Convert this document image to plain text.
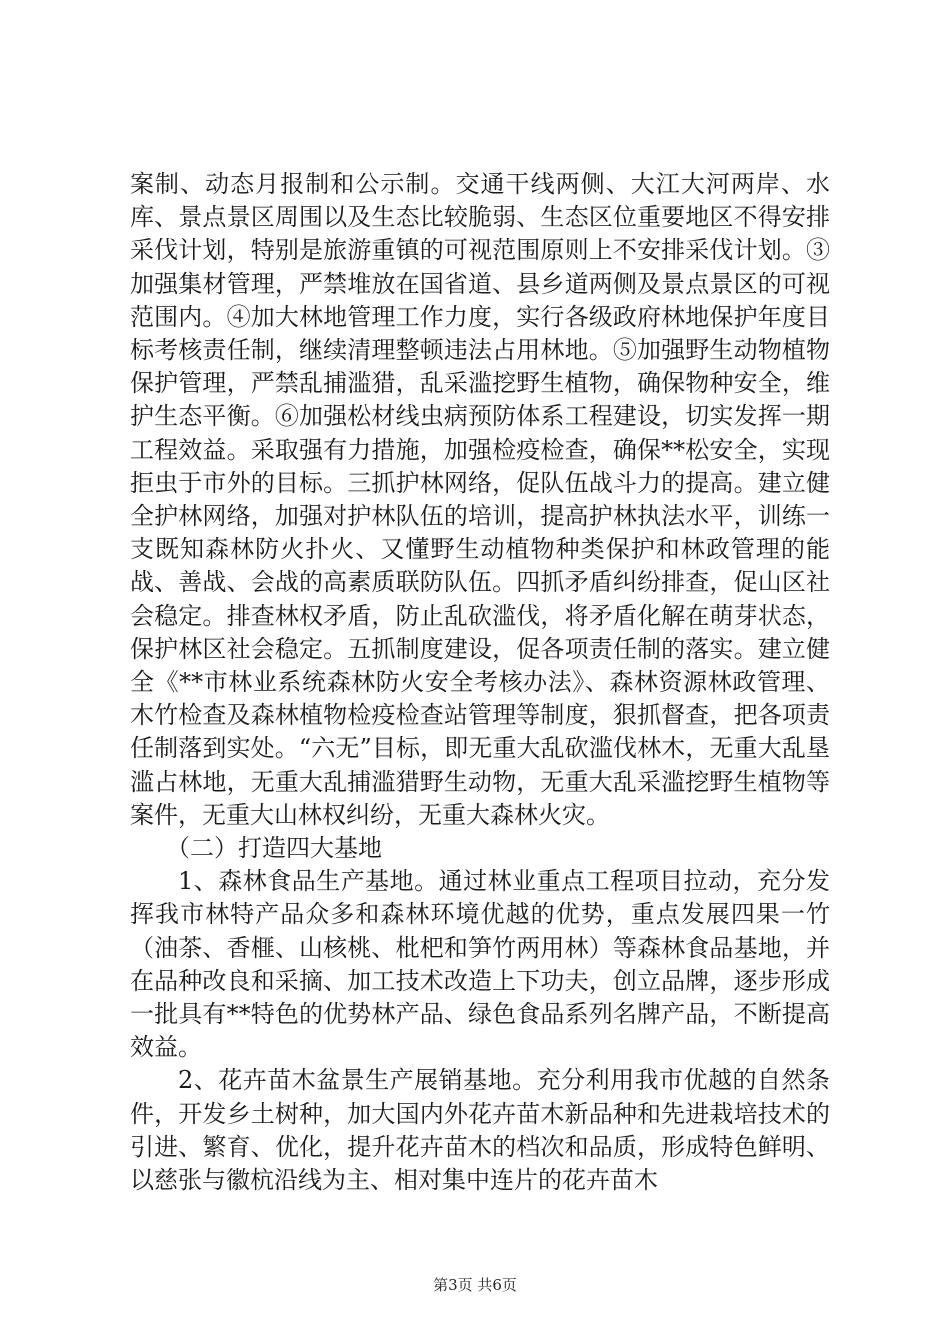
案制、动态月报制和公示制。交通干线两侧、大江大河两岸、水库、景点景区周围以及生态比较脆弱、生态区位重要地区不得安排采伐计划，特别是旅游重镇的可视范围原则上不安排采伐计划。③加强集材管理，严禁堆放在国省道、县乡道两侧及景点景区的可视范围内。④加大林地管理工作力度，实行各级政府林地保护年度目标考核责任制，继续清理整顿违法占用林地。⑤加强野生动物植物保护管理，严禁乱捕滥猎，乱采滥挖野生植物，确保物种安全，维护生态平衡。⑥加强松材线虫病预防体系工程建设，切实发挥一期工程效益。采取强有力措施，加强检疫检查，确保**松安全，实现拒虫于市外的目标。三抓护林网络，促队伍战斗力的提高。建立健全护林网络，加强对护林队伍的培训，提高护林执法水平，训练一支既知森林防火扑火、又懂野生动植物种类保护和林政管理的能战、善战、会战的高素质联防队伍。四抓矛盾纠纷排查，促山区社会稳定。排查林权矛盾，防止乱砍滥伐，将矛盾化解在萌芽状态，保护林区社会稳定。五抓制度建设，促各项责任制的落实。建立健全《**市林业系统森林防火安全考核办法》、森林资源林政管理、木竹检查及森林植物检疫检查站管理等制度，狠抓督查，把各项责任制落到实处。“六无”目标，即无重大乱砍滥伐林木，无重大乱垦滥占林地，无重大乱捕滥猎野生动物，无重大乱采滥挖野生植物等案件，无重大山林权纠纷，无重大森林火灾。

（二）打造四大基地

1、森林食品生产基地。通过林业重点工程项目拉动，充分发挥我市林特产品众多和森林环境优越的优势，重点发展四果一竹（油茶、香榧、山核桃、枇杷和笋竹两用林）等森林食品基地，并在品种改良和采摘、加工技术改造上下功夫，创立品牌，逐步形成一批具有**特色的优势林产品、绿色食品系列名牌产品，不断提高效益。

2、花卉苗木盆景生产展销基地。充分利用我市优越的自然条件，开发乡土树种，加大国内外花卉苗木新品种和先进栽培技术的引进、繁育、优化，提升花卉苗木的档次和品质，形成特色鲜明、以慈张与徽杭沿线为主、相对集中连片的花卉苗木

第3页 共6页
